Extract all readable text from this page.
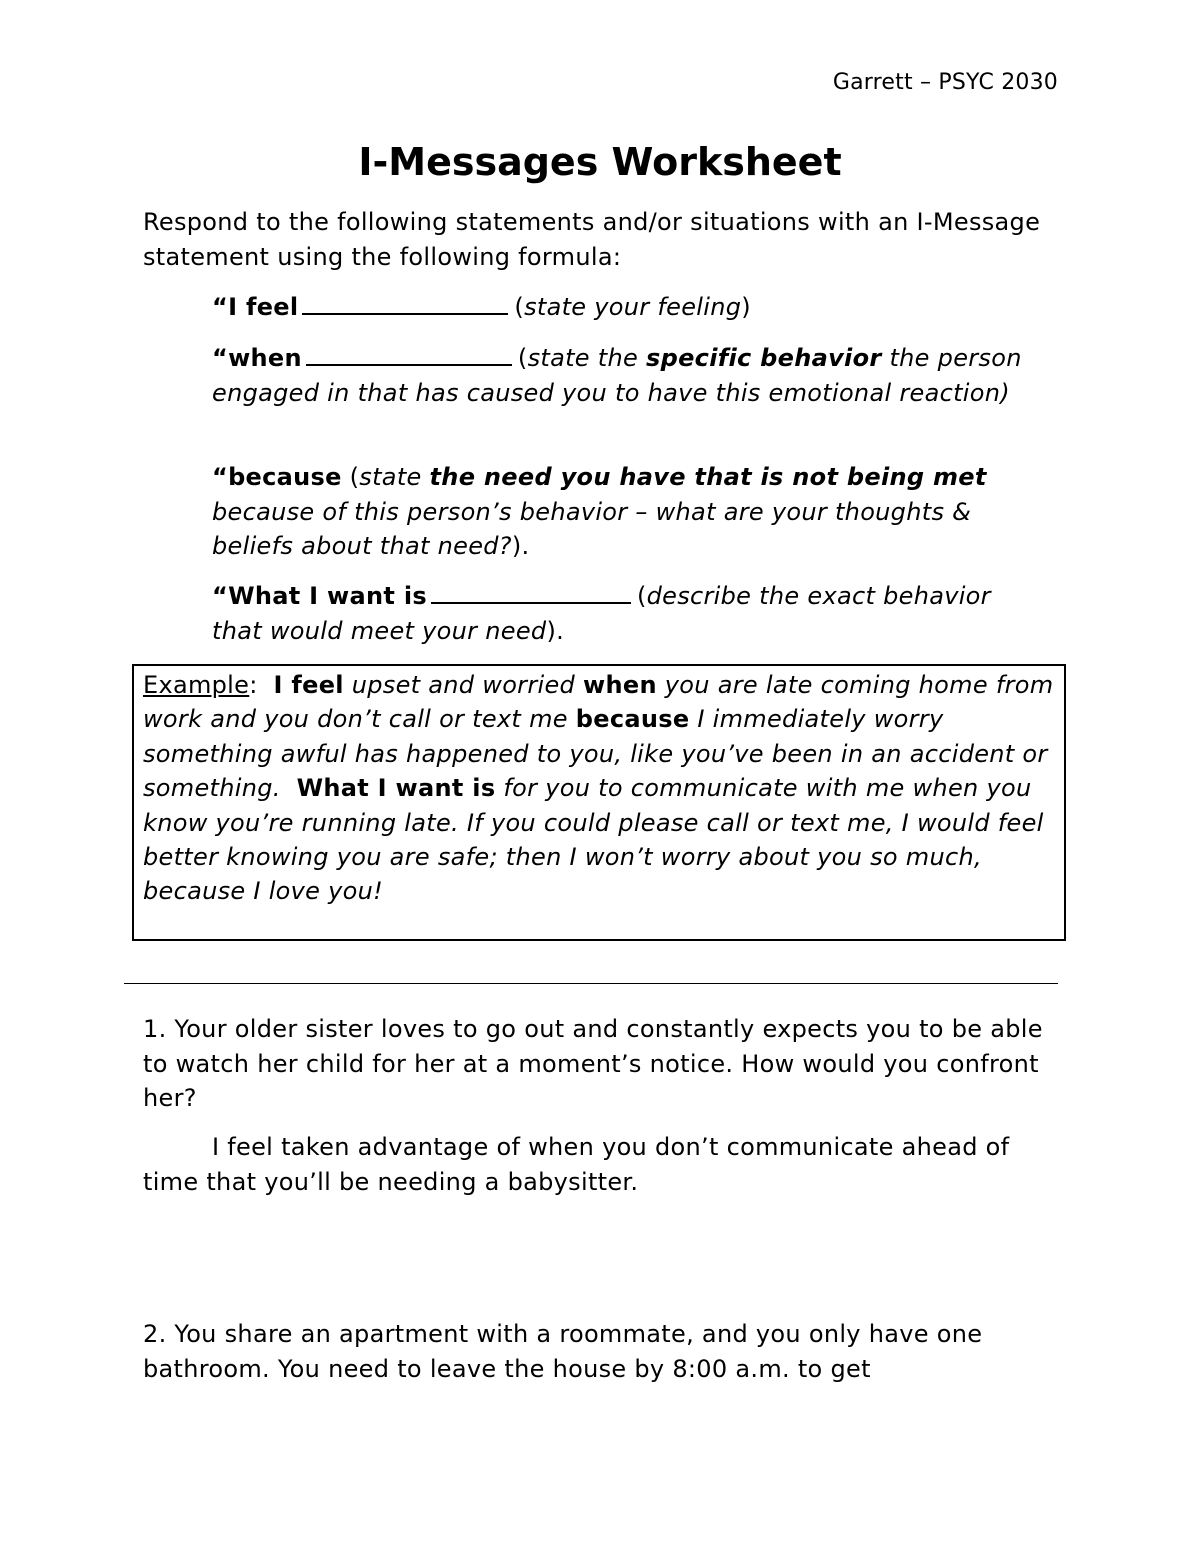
Garrett – PSYC 2030
I-Messages Worksheet
Respond to the following statements and/or situations with an I-Message statement using the following formula:
“I feel	(state your feeling)
“when	(state the specific behavior the person engaged in that has caused you to have this emotional reaction)
“because (state the need you have that is not being met because of this person’s behavior – what are your thoughts & beliefs about that need?).
“What I want is	(describe the exact behavior that would meet your need).
Example:  I feel upset and worried when you are late coming home from work and you don’t call or text me because I immediately worry something awful has happened to you, like you’ve been in an accident or something. What I want is for you to communicate with me when you know you’re running late. If you could please call or text me, I would feel better knowing you are safe; then I won’t worry about you so much, because I love you!
1. Your older sister loves to go out and constantly expects you to be able to watch her child for her at a moment’s notice. How would you confront her?
I feel taken advantage of when you don’t communicate ahead of time that you’ll be needing a babysitter.
2. You share an apartment with a roommate, and you only have one bathroom. You need to leave the house by 8:00 a.m. to get
